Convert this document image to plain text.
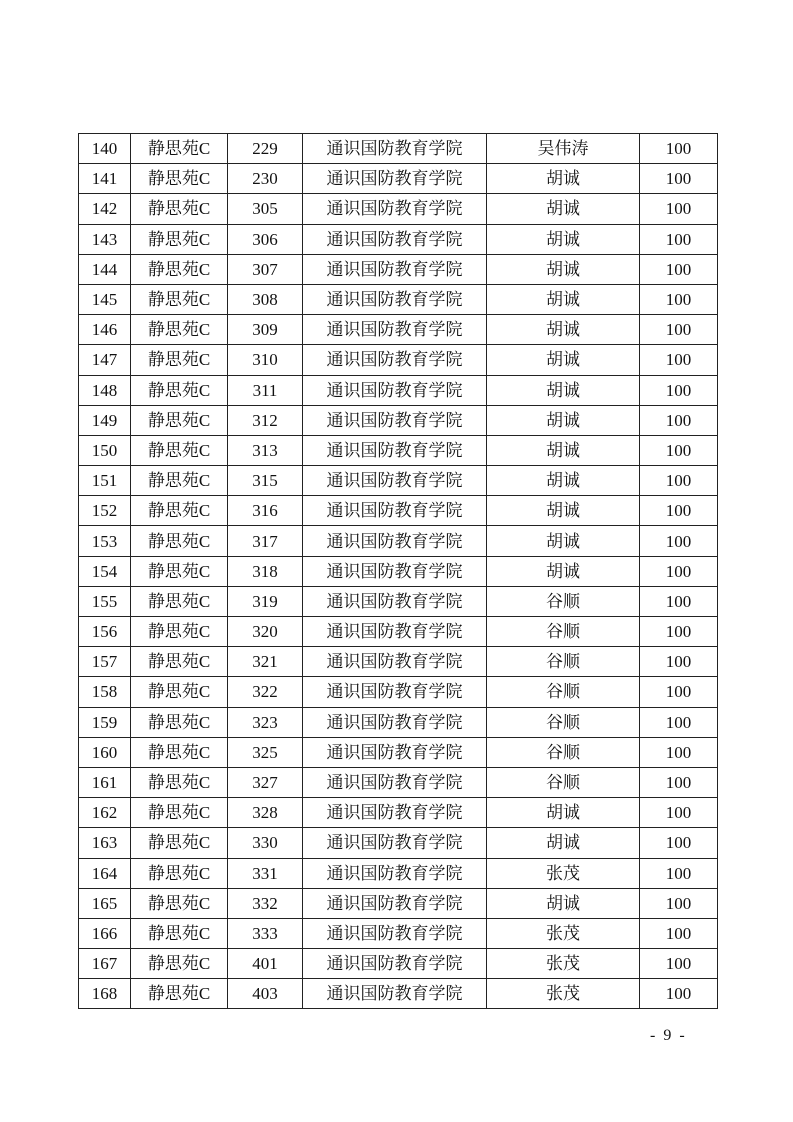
140	静思苑C	229	通识国防教育学院	吴伟涛	100
141	静思苑C	230	通识国防教育学院	胡诚	100
142	静思苑C	305	通识国防教育学院	胡诚	100
143	静思苑C	306	通识国防教育学院	胡诚	100
144	静思苑C	307	通识国防教育学院	胡诚	100
145	静思苑C	308	通识国防教育学院	胡诚	100
146	静思苑C	309	通识国防教育学院	胡诚	100
147	静思苑C	310	通识国防教育学院	胡诚	100
148	静思苑C	311	通识国防教育学院	胡诚	100
149	静思苑C	312	通识国防教育学院	胡诚	100
150	静思苑C	313	通识国防教育学院	胡诚	100
151	静思苑C	315	通识国防教育学院	胡诚	100
152	静思苑C	316	通识国防教育学院	胡诚	100
153	静思苑C	317	通识国防教育学院	胡诚	100
154	静思苑C	318	通识国防教育学院	胡诚	100
155	静思苑C	319	通识国防教育学院	谷顺	100
156	静思苑C	320	通识国防教育学院	谷顺	100
157	静思苑C	321	通识国防教育学院	谷顺	100
158	静思苑C	322	通识国防教育学院	谷顺	100
159	静思苑C	323	通识国防教育学院	谷顺	100
160	静思苑C	325	通识国防教育学院	谷顺	100
161	静思苑C	327	通识国防教育学院	谷顺	100
162	静思苑C	328	通识国防教育学院	胡诚	100
163	静思苑C	330	通识国防教育学院	胡诚	100
164	静思苑C	331	通识国防教育学院	张茂	100
165	静思苑C	332	通识国防教育学院	胡诚	100
166	静思苑C	333	通识国防教育学院	张茂	100
167	静思苑C	401	通识国防教育学院	张茂	100
168	静思苑C	403	通识国防教育学院	张茂	100
- 9 -
